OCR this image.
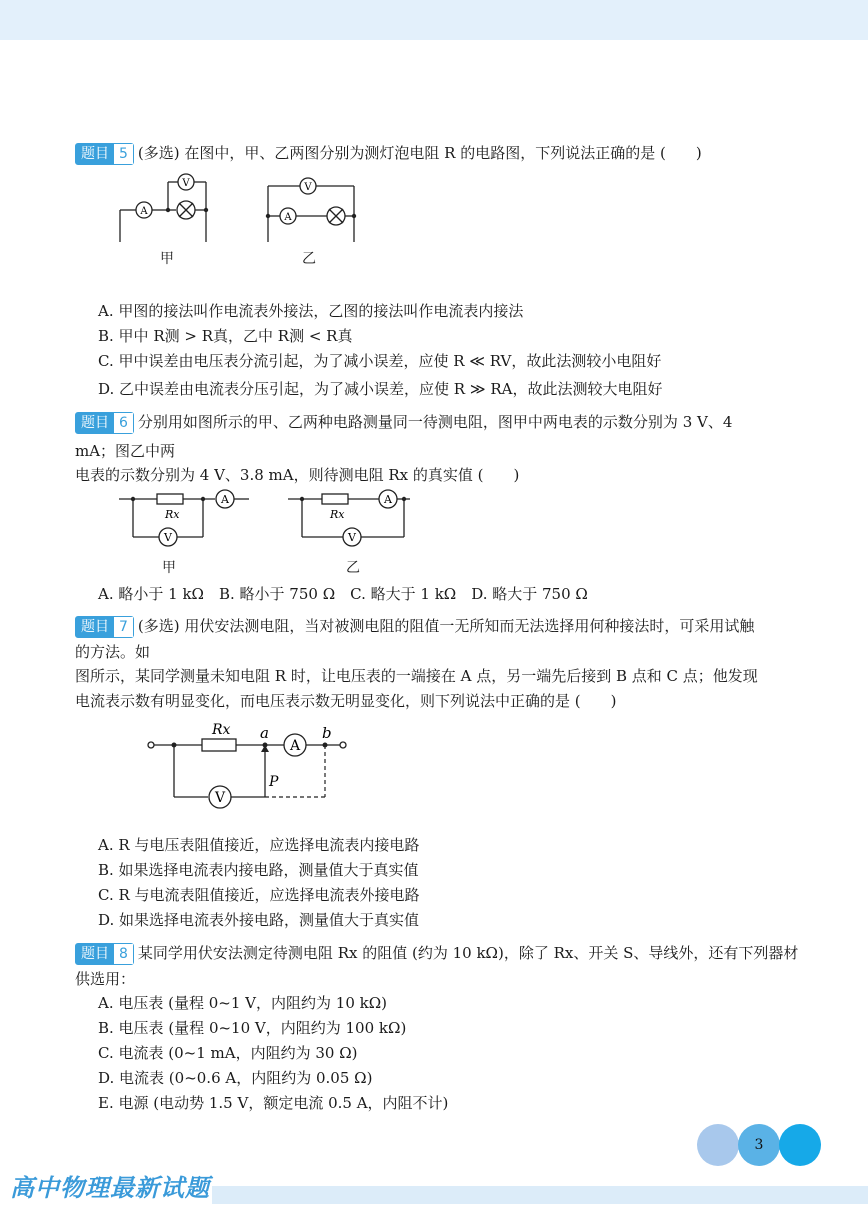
题目 5 (多选) 在图中，甲、乙两图分别为测灯泡电阻 R 的电路图，下列说法正确的是 (　　)
A
V
甲
A
V
乙
A. 甲图的接法叫作电流表外接法，乙图的接法叫作电流表内接法
B. 甲中 R测 > R真，乙中 R测 < R真
C. 甲中误差由电压表分流引起，为了减小误差，应使 R ≪ RV，故此法测较小电阻好
D. 乙中误差由电流表分压引起，为了减小误差，应使 R ≫ RA，故此法测较大电阻好
题目 6 分别用如图所示的甲、乙两种电路测量同一待测电阻，图甲中两电表的示数分别为 3 V、4
mA；图乙中两
电表的示数分别为 4 V、3.8 mA，则待测电阻 Rx 的真实值 (　　)
A
V
Rx
甲
A
V
Rx
乙
A. 略小于 1 kΩ　B. 略小于 750 Ω　C. 略大于 1 kΩ　D. 略大于 750 Ω
题目 7 (多选) 用伏安法测电阻，当对被测电阻的阻值一无所知而无法选择用何种接法时，可采用试触
的方法。如
图所示，某同学测量未知电阻 R 时，让电压表的一端接在 A 点，另一端先后接到 B 点和 C 点；他发现
电流表示数有明显变化，而电压表示数无明显变化，则下列说法中正确的是 (　　)
A
V
Rx a	b
P
A. R 与电压表阻值接近，应选择电流表内接电路
B. 如果选择电流表内接电路，测量值大于真实值
C. R 与电流表阻值接近，应选择电流表外接电路
D. 如果选择电流表外接电路，测量值大于真实值
题目 8 某同学用伏安法测定待测电阻 Rx 的阻值 (约为 10 kΩ)，除了 Rx、开关 S、导线外，还有下列器材
供选用：
A. 电压表 (量程 0~1 V，内阻约为 10 kΩ)
B. 电压表 (量程 0~10 V，内阻约为 100 kΩ)
C. 电流表 (0~1 mA，内阻约为 30 Ω)
D. 电流表 (0~0.6 A，内阻约为 0.05 Ω)
E. 电源 (电动势 1.5 V，额定电流 0.5 A，内阻不计)
3
高中物理最新试题
